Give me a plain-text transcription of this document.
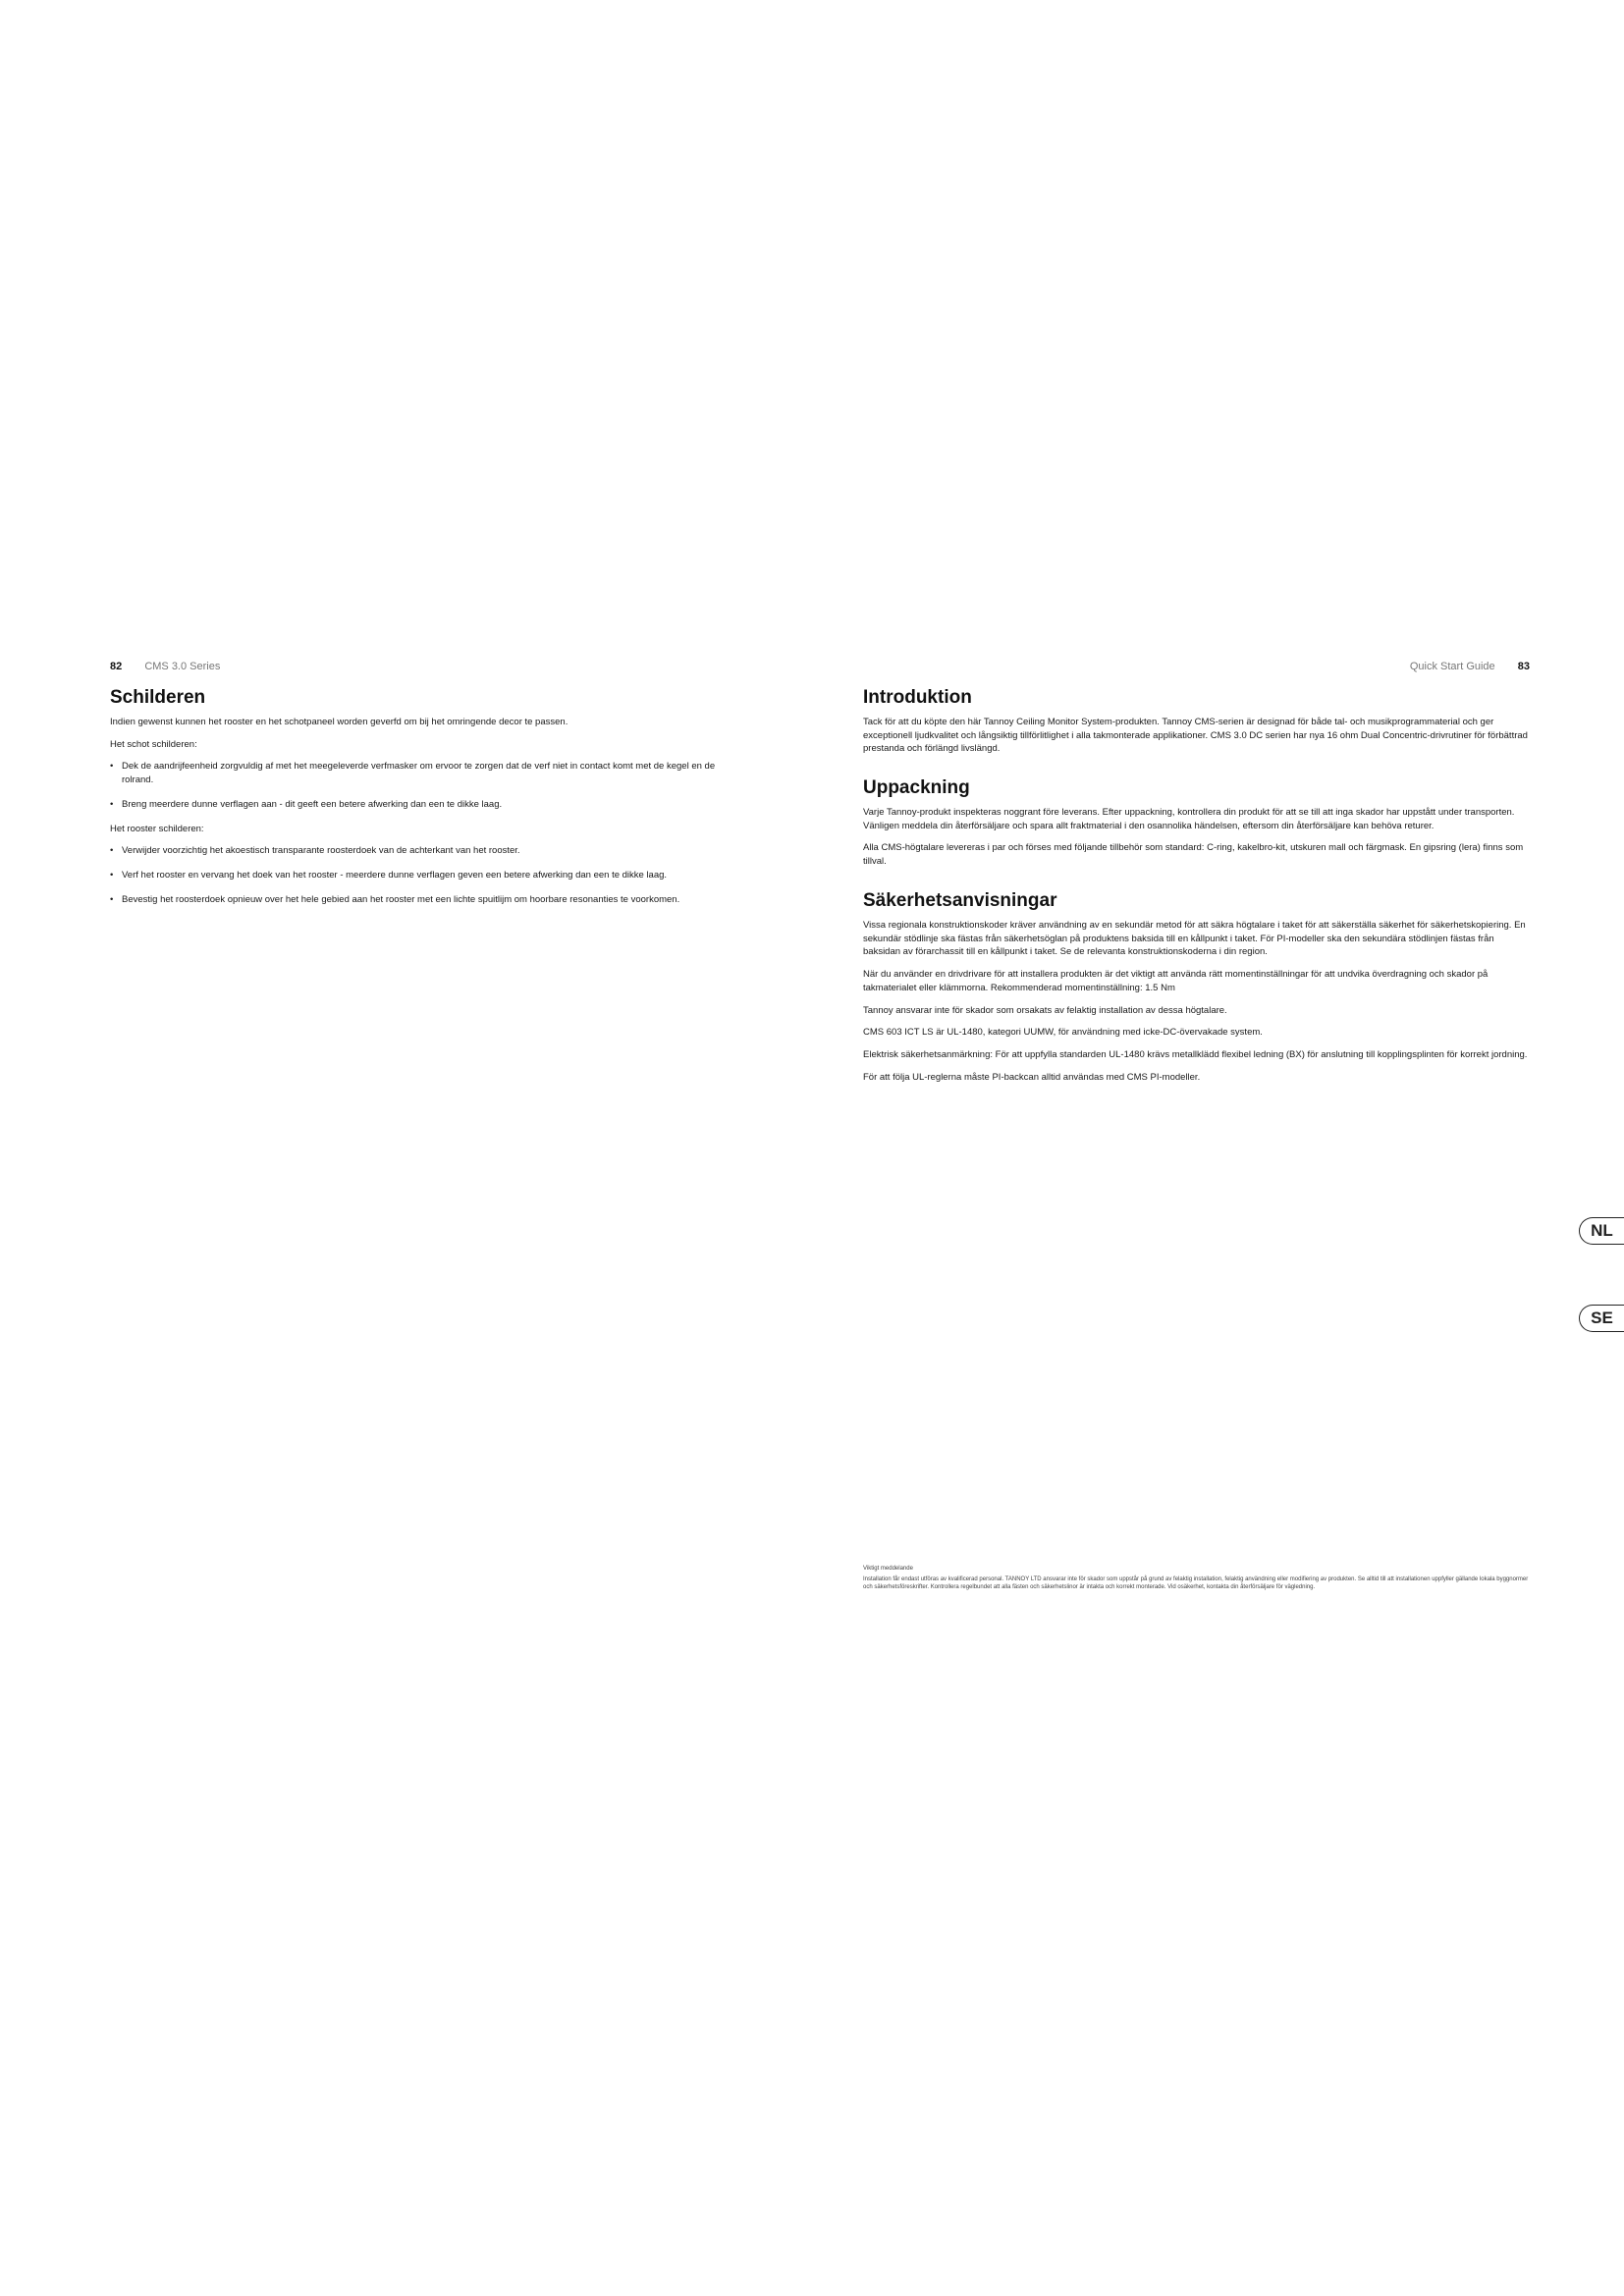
82 CMS 3.0 Series
Schilderen

Indien gewenst kunnen het rooster en het schotpaneel worden geverfd om bij het omringende decor te passen.

Het schot schilderen:

• Dek de aandrijfeenheid zorgvuldig af met het meegeleverde verfmasker om ervoor te zorgen dat de verf niet in contact komt met de kegel en de rolrand.
• Breng meerdere dunne verflagen aan - dit geeft een betere afwerking dan een te dikke laag.

Het rooster schilderen:

• Verwijder voorzichtig het akoestisch transparante roosterdoek van de achterkant van het rooster.
• Verf het rooster en vervang het doek van het rooster - meerdere dunne verflagen geven een betere afwerking dan een te dikke laag.
• Bevestig het roosterdoek opnieuw over het hele gebied aan het rooster met een lichte spuitlijm om hoorbare resonanties te voorkomen.
Quick Start Guide 83
Introduktion

Tack för att du köpte den här Tannoy Ceiling Monitor System-produkten. Tannoy CMS-serien är designad för både tal- och musikprogrammaterial och ger exceptionell ljudkvalitet och långsiktig tillförlitlighet i alla takmonterade applikationer. CMS 3.0 DC serien har nya 16 ohm Dual Concentric-drivrutiner för förbättrad prestanda och förlängd livslängd.

Uppackning

Varje Tannoy-produkt inspekteras noggrant före leverans. Efter uppackning, kontrollera din produkt för att se till att inga skador har uppstått under transporten. Vänligen meddela din återförsäljare och spara allt fraktmaterial i den osannolika händelsen, eftersom din återförsäljare kan behöva returer.

Alla CMS-högtalare levereras i par och förses med följande tillbehör som standard: C-ring, kakelbro-kit, utskuren mall och färgmask. En gipsring (lera) finns som tillval.

Säkerhetsanvisningar

Vissa regionala konstruktionskoder kräver användning av en sekundär metod för att säkra högtalare i taket för att säkerställa säkerhet för säkerhetskopiering. En sekundär stödlinje ska fästas från säkerhetsöglan på produktens baksida till en kållpunkt i taket. För PI-modeller ska den sekundära stödlinjen fästas från baksidan av förarchassit till en kållpunkt i taket. Se de relevanta konstruktionskoderna i din region.

När du använder en drivdrivare för att installera produkten är det viktigt att använda rätt momentinställningar för att undvika överdragning och skador på takmaterialet eller klämmorna. Rekommenderad momentinställning: 1.5 Nm

Tannoy ansvarar inte för skador som orsakats av felaktig installation av dessa högtalare.

CMS 603 ICT LS är UL-1480, kategori UUMW, för användning med icke-DC-övervakade system.

Elektrisk säkerhetsanmärkning: För att uppfylla standarden UL-1480 krävs metallklädd flexibel ledning (BX) för anslutning till kopplingsplinten för korrekt jordning.

För att följa UL-reglerna måste PI-backcan alltid användas med CMS PI-modeller.

Viktigt meddelande
Installation får endast utföras av kvalificerad personal. TANNOY LTD ansvarar inte för skador som uppstår på grund av felaktig installation, felaktig användning eller modifiering av produkten. Se alltid till att installationen uppfyller gällande lokala byggnormer och säkerhetsföreskrifter. Kontrollera regelbundet att alla fästen och säkerhetslinor är intakta och korrekt monterade. Vid osäkerhet, kontakta din återförsäljare för vägledning.
NL
SE
